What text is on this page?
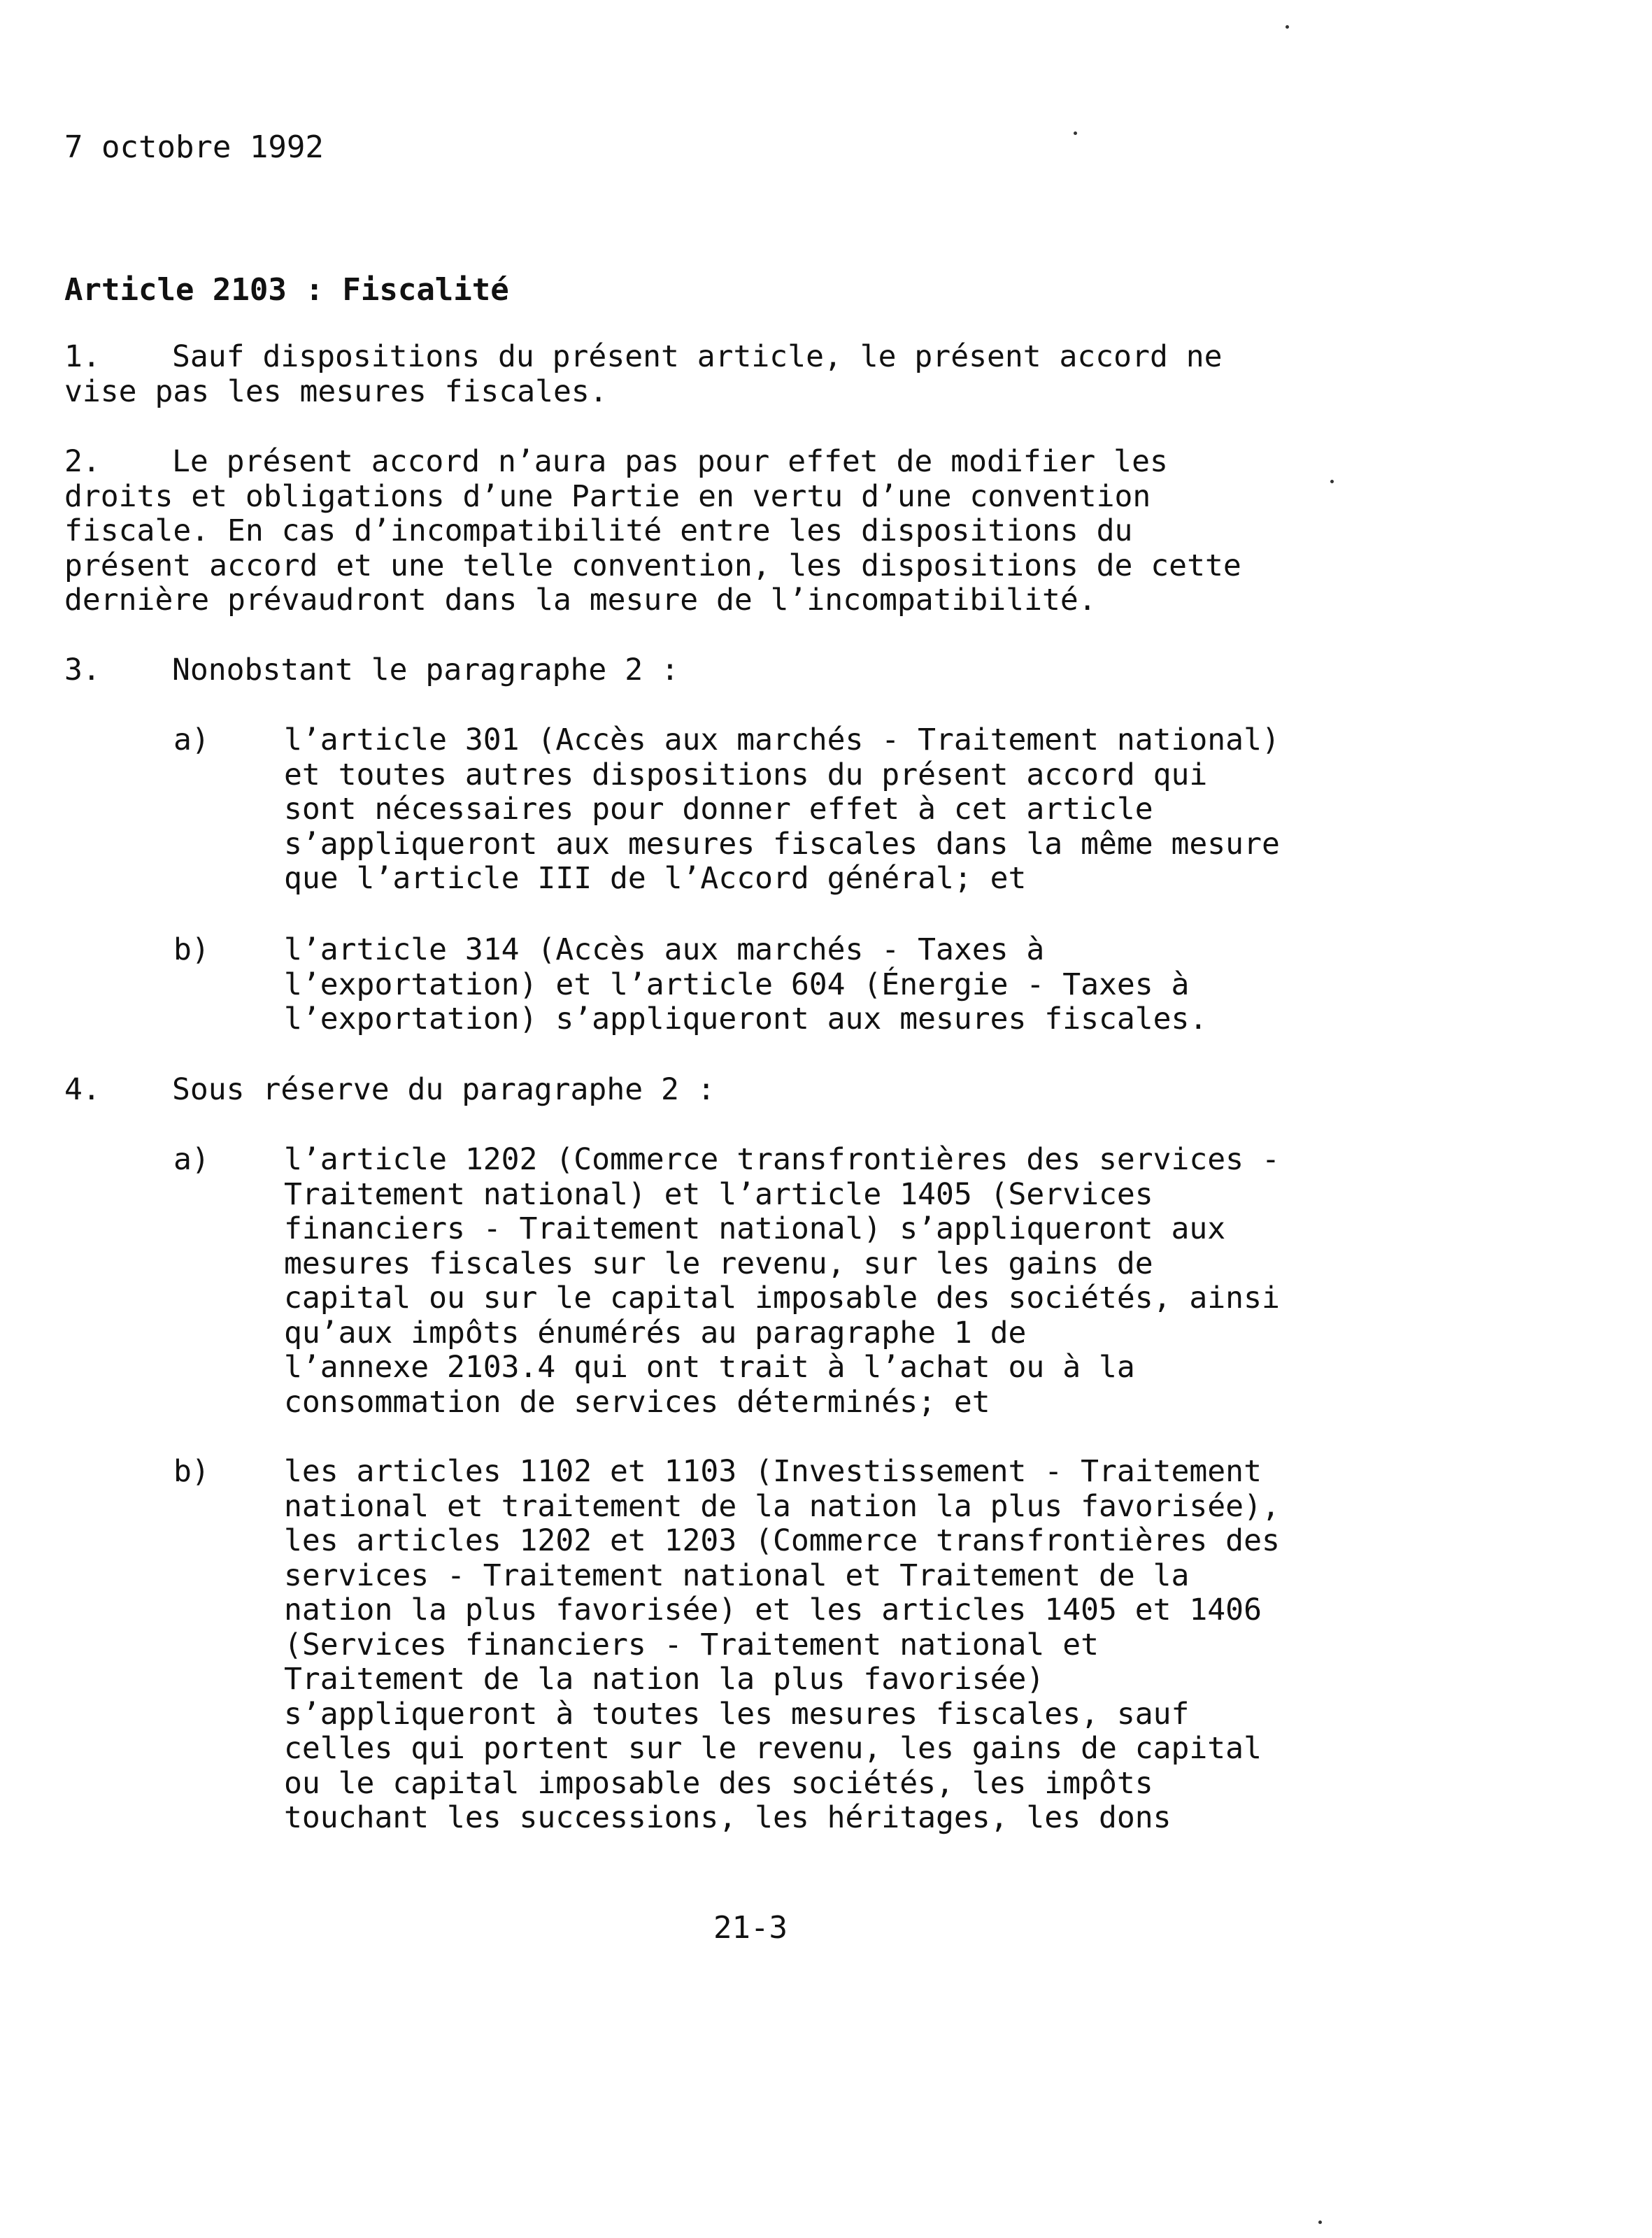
7 octobre 1992
Article 2103 : Fiscalité
1.	Sauf dispositions du présent article, le présent accord ne
vise pas les mesures fiscales.
2.	Le présent accord n’aura pas pour effet de modifier les
droits et obligations d’une Partie en vertu d’une convention
fiscale. En cas d’incompatibilité entre les dispositions du
présent accord et une telle convention, les dispositions de cette
dernière prévaudront dans la mesure de l’incompatibilité.
3.	Nonobstant le paragraphe 2 :
a) l’article 301 (Accès aux marchés - Traitement national)
et toutes autres dispositions du présent accord qui
sont nécessaires pour donner effet à cet article
s’appliqueront aux mesures fiscales dans la même mesure
que l’article III de l’Accord général; et
b) l’article 314 (Accès aux marchés - Taxes à
l’exportation) et l’article 604 (Énergie - Taxes à
l’exportation) s’appliqueront aux mesures fiscales.
4.	Sous réserve du paragraphe 2 :
a) l’article 1202 (Commerce transfrontières des services -
Traitement national) et l’article 1405 (Services
financiers - Traitement national) s’appliqueront aux
mesures fiscales sur le revenu, sur les gains de
capital ou sur le capital imposable des sociétés, ainsi
qu’aux impôts énumérés au paragraphe 1 de
l’annexe 2103.4 qui ont trait à l’achat ou à la
consommation de services déterminés; et
b) les articles 1102 et 1103 (Investissement - Traitement
national et traitement de la nation la plus favorisée),
les articles 1202 et 1203 (Commerce transfrontières des
services - Traitement national et Traitement de la
nation la plus favorisée) et les articles 1405 et 1406
(Services financiers - Traitement national et
Traitement de la nation la plus favorisée)
s’appliqueront à toutes les mesures fiscales, sauf
celles qui portent sur le revenu, les gains de capital
ou le capital imposable des sociétés, les impôts
touchant les successions, les héritages, les dons
21-3
